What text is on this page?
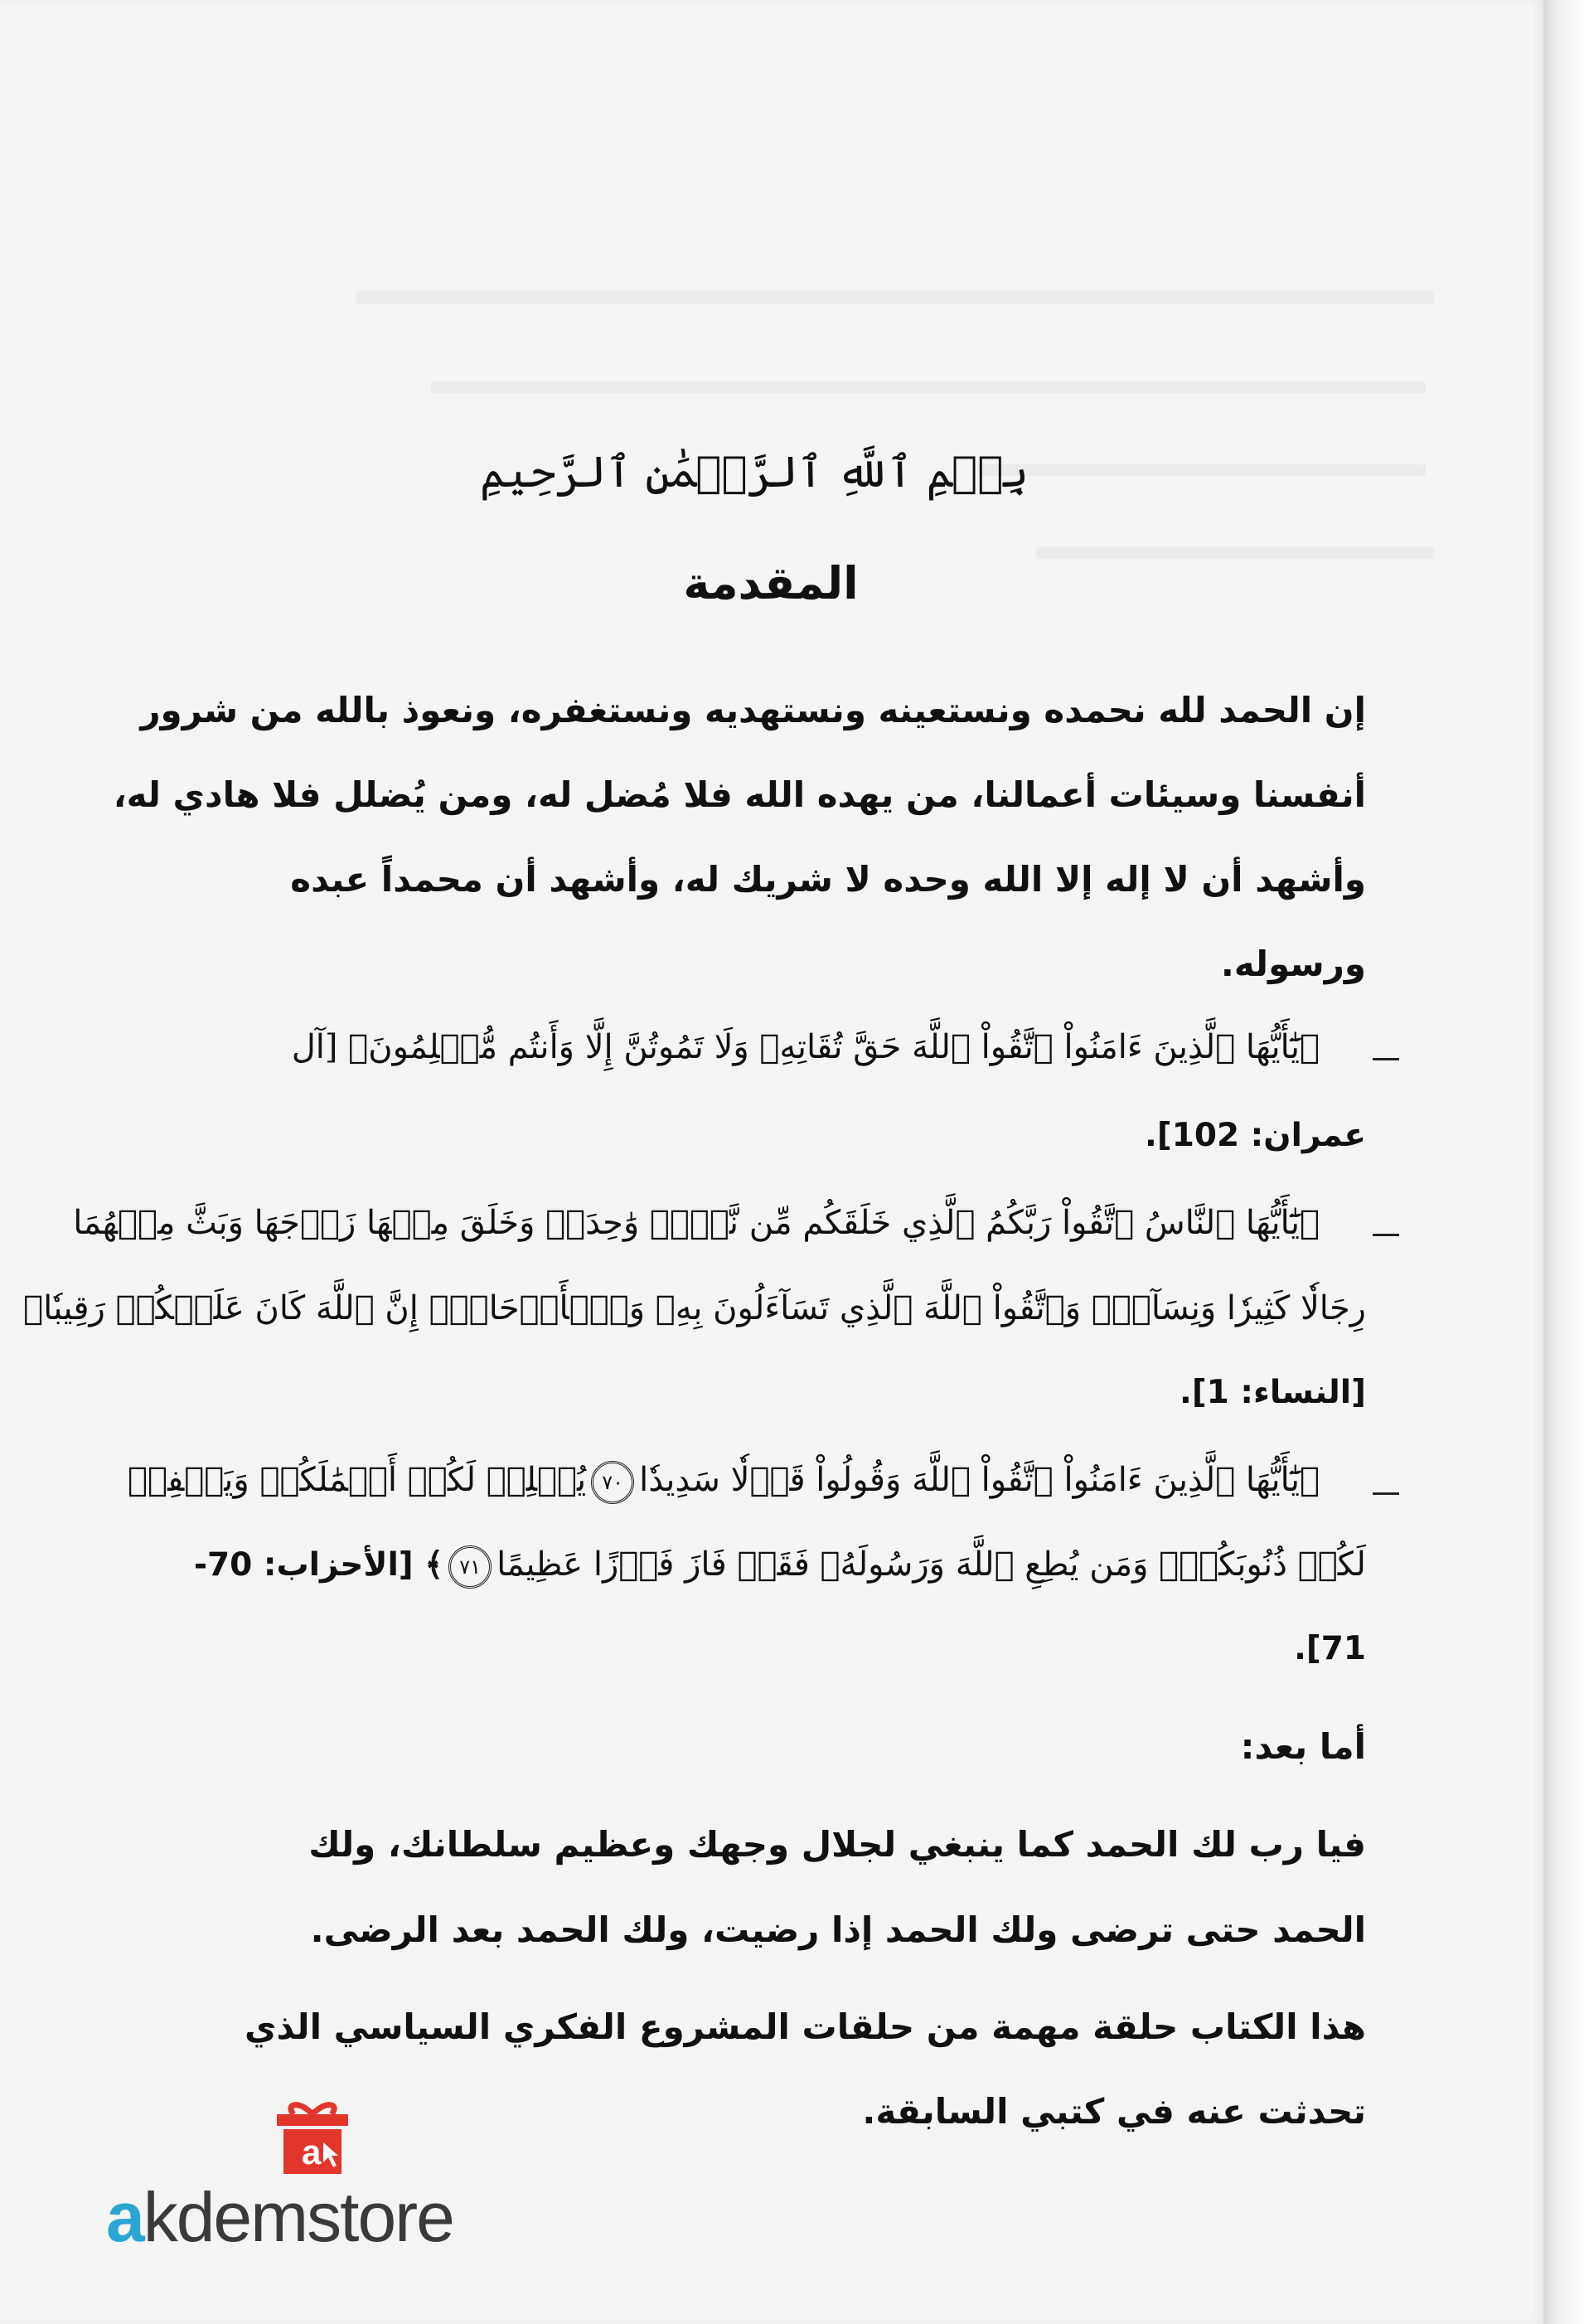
بِسۡمِ ٱللَّهِ ٱلرَّحۡمَٰنِ ٱلرَّحِيمِ

المقدمة

إن الحمد لله نحمده ونستعينه ونستهديه ونستغفره، ونعوذ بالله من شرور

أنفسنا وسيئات أعمالنا، من يهده الله فلا مُضل له، ومن يُضلل فلا هادي له،

وأشهد أن لا إله إلا الله وحده لا شريك له، وأشهد أن محمداً عبده

ورسوله.

﴿يَٰٓأَيُّهَا ٱلَّذِينَ ءَامَنُواْ ٱتَّقُواْ ٱللَّهَ حَقَّ تُقَاتِهِۦ وَلَا تَمُوتُنَّ إِلَّا وَأَنتُم مُّسۡلِمُونَ﴾ [آل

عمران: 102].

﴿يَٰٓأَيُّهَا ٱلنَّاسُ ٱتَّقُواْ رَبَّكُمُ ٱلَّذِي خَلَقَكُم مِّن نَّفۡسٖ وَٰحِدَةٖ وَخَلَقَ مِنۡهَا زَوۡجَهَا وَبَثَّ مِنۡهُمَا

رِجَالٗا كَثِيرٗا وَنِسَآءٗۚ وَٱتَّقُواْ ٱللَّهَ ٱلَّذِي تَسَآءَلُونَ بِهِۦ وَٱلۡأَرۡحَامَۚ إِنَّ ٱللَّهَ كَانَ عَلَيۡكُمۡ رَقِيبٗا﴾

[النساء: 1].

﴿يَٰٓأَيُّهَا ٱلَّذِينَ ءَامَنُواْ ٱتَّقُواْ ٱللَّهَ وَقُولُواْ قَوۡلٗا سَدِيدٗا٧٠يُصۡلِحۡ لَكُمۡ أَعۡمَٰلَكُمۡ وَيَغۡفِرۡ

لَكُمۡ ذُنُوبَكُمۡۗ وَمَن يُطِعِ ٱللَّهَ وَرَسُولَهُۥ فَقَدۡ فَازَ فَوۡزًا عَظِيمًا٧١﴾ [الأحزاب: 70-

71].

أما بعد:

فيا رب لك الحمد كما ينبغي لجلال وجهك وعظيم سلطانك، ولك

الحمد حتى ترضى ولك الحمد إذا رضيت، ولك الحمد بعد الرضى.

هذا الكتاب حلقة مهمة من حلقات المشروع الفكري السياسي الذي

تحدثت عنه في كتبي السابقة.

a
akdemstore
